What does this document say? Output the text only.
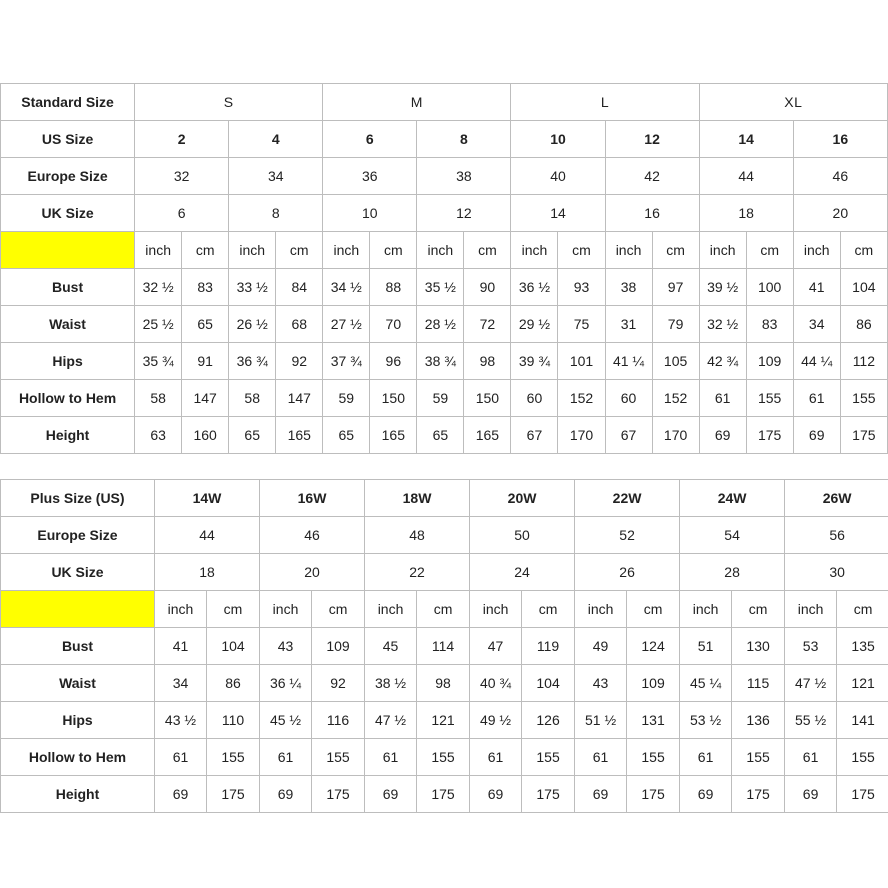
Standard Size	S				M				L				XL			
US Size	2		4		6		8		10		12		14		16	
Europe Size	32		34		36		38		40		42		44		46	
UK Size	6		8		10		12		14		16		18		20	
	inch	cm	inch	cm	inch	cm	inch	cm	inch	cm	inch	cm	inch	cm	inch	cm
Bust	32 ½	83	33 ½	84	34 ½	88	35 ½	90	36 ½	93	38	97	39 ½	100	41	104
Waist	25 ½	65	26 ½	68	27 ½	70	28 ½	72	29 ½	75	31	79	32 ½	83	34	86
Hips	35 ¾	91	36 ¾	92	37 ¾	96	38 ¾	98	39 ¾	101	41 ¼	105	42 ¾	109	44 ¼	112
Hollow to Hem	58	147	58	147	59	150	59	150	60	152	60	152	61	155	61	155
Height	63	160	65	165	65	165	65	165	67	170	67	170	69	175	69	175
Plus Size (US)	14W		16W		18W		20W		22W		24W		26W	
Europe Size	44		46		48		50		52		54		56	
UK Size	18		20		22		24		26		28		30	
	inch	cm	inch	cm	inch	cm	inch	cm	inch	cm	inch	cm	inch	cm
Bust	41	104	43	109	45	114	47	119	49	124	51	130	53	135
Waist	34	86	36 ¼	92	38 ½	98	40 ¾	104	43	109	45 ¼	115	47 ½	121
Hips	43 ½	110	45 ½	116	47 ½	121	49 ½	126	51 ½	131	53 ½	136	55 ½	141
Hollow to Hem	61	155	61	155	61	155	61	155	61	155	61	155	61	155
Height	69	175	69	175	69	175	69	175	69	175	69	175	69	175
